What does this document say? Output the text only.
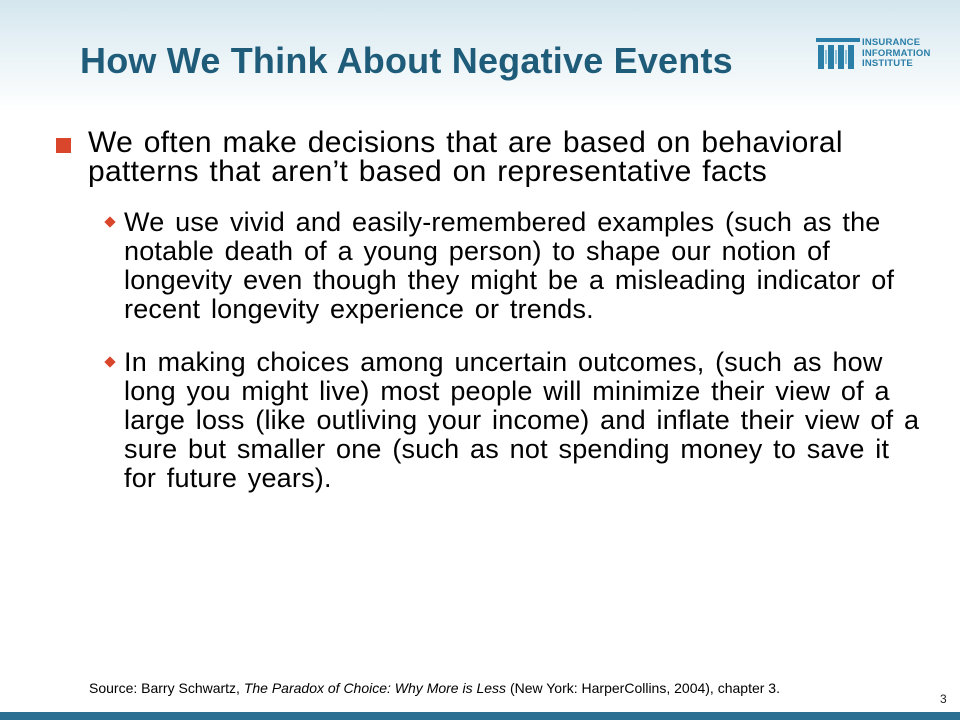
How We Think About Negative Events	INSURANCE
INFORMATION
INSTITUTE
We often make decisions that are based on behavioral patterns that aren’t based on representative facts
We use vivid and easily-remembered examples (such as the notable death of a young person) to shape our notion of longevity even though they might be a misleading indicator of recent longevity experience or trends.
In making choices among uncertain outcomes, (such as how long you might live) most people will minimize their view of a large loss (like outliving your income) and inflate their view of a sure but smaller one (such as not spending money to save it for future years).
Source: Barry Schwartz, The Paradox of Choice: Why More is Less (New York: HarperCollins, 2004), chapter 3.
3
